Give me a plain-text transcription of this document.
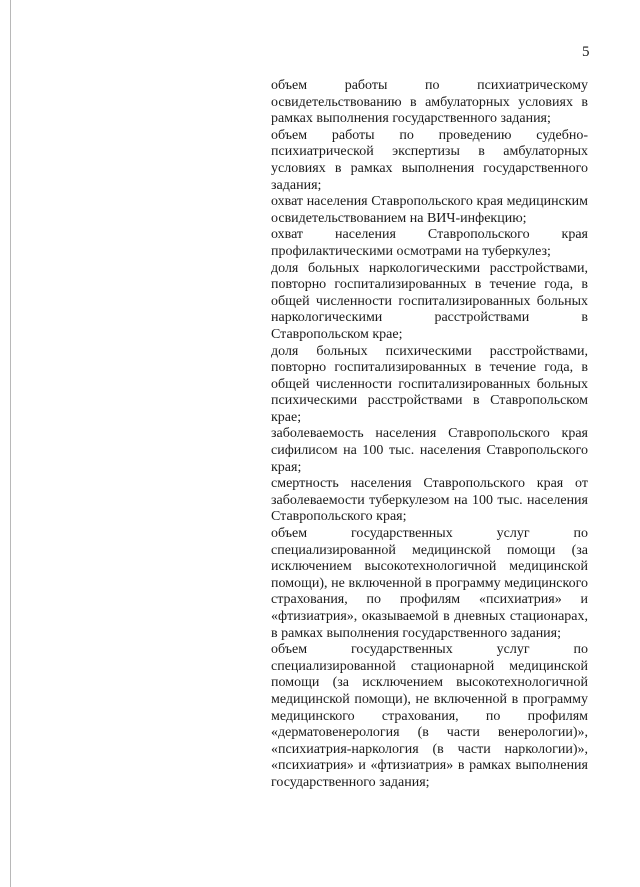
5

объем работы по психиатрическому освидетельствованию в амбулаторных условиях в рамках выполнения государственного задания;

объем работы по проведению судебно-психиатрической экспертизы в амбулаторных условиях в рамках выполнения государственного задания;

охват населения Ставропольского края медицинским освидетельствованием на ВИЧ-инфекцию;

охват населения Ставропольского края профилактическими осмотрами на туберкулез;

доля больных наркологическими расстройствами, повторно госпитализированных в течение года, в общей численности госпитализированных больных наркологическими расстройствами в Ставропольском крае;

доля больных психическими расстройствами, повторно госпитализированных в течение года, в общей численности госпитализированных больных психическими расстройствами в Ставропольском крае;

заболеваемость населения Ставропольского края сифилисом на 100 тыс. населения Ставропольского края;

смертность населения Ставропольского края от заболеваемости туберкулезом на 100 тыс. населения Ставропольского края;

объем государственных услуг по специализированной медицинской помощи (за исключением высокотехнологичной медицинской помощи), не включенной в программу медицинского страхования, по профилям «психиатрия» и «фтизиатрия», оказываемой в дневных стационарах, в рамках выполнения государственного задания;

объем государственных услуг по специализированной стационарной медицинской помощи (за исключением высокотехнологичной медицинской помощи), не включенной в программу медицинского страхования, по профилям «дерматовенерология (в части венерологии)», «психиатрия-наркология (в части наркологии)», «психиатрия» и «фтизиатрия» в рамках выполнения государственного задания;
